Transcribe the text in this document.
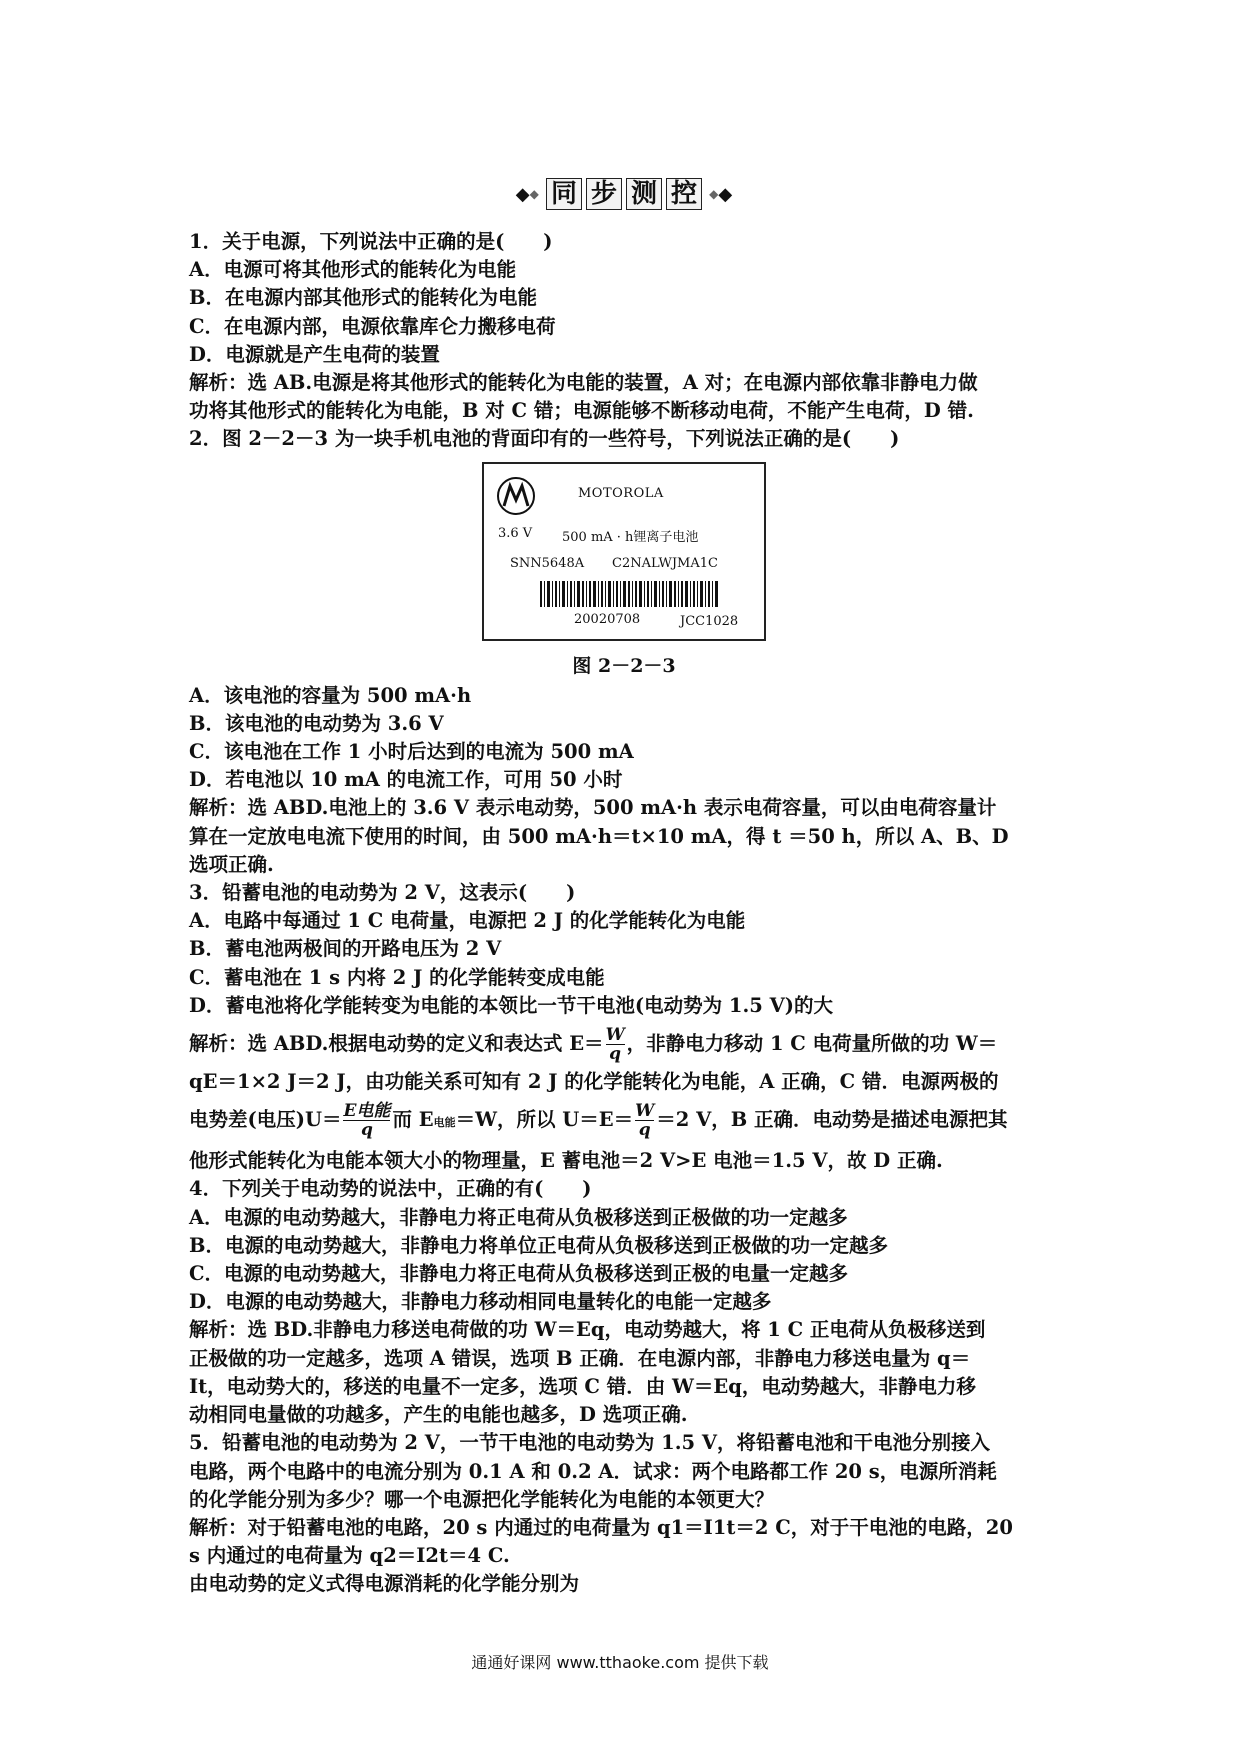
◆◆ 同 步 测 控 ◆◆
1．关于电源，下列说法中正确的是(　　)
A．电源可将其他形式的能转化为电能
B．在电源内部其他形式的能转化为电能
C．在电源内部，电源依靠库仑力搬移电荷
D．电源就是产生电荷的装置
解析：选 AB.电源是将其他形式的能转化为电能的装置，A 对；在电源内部依靠非静电力做
功将其他形式的能转化为电能，B 对 C 错；电源能够不断移动电荷，不能产生电荷，D 错.
2．图 2－2－3 为一块手机电池的背面印有的一些符号，下列说法正确的是(　　)
MOTOROLA
3.6 V 500 mA · h锂离子电池
SNN5648A C2NALWJMA1C
20020708	JCC1028
图 2－2－3
A．该电池的容量为 500 mA·h
B．该电池的电动势为 3.6 V
C．该电池在工作 1 小时后达到的电流为 500 mA
D．若电池以 10 mA 的电流工作，可用 50 小时
解析：选 ABD.电池上的 3.6 V 表示电动势，500 mA·h 表示电荷容量，可以由电荷容量计
算在一定放电电流下使用的时间，由 500 mA·h＝t×10 mA，得 t ＝50 h，所以 A、B、D
选项正确.
3．铅蓄电池的电动势为 2 V，这表示(　　)
A．电路中每通过 1 C 电荷量，电源把 2 J 的化学能转化为电能
B．蓄电池两极间的开路电压为 2 V
C．蓄电池在 1 s 内将 2 J 的化学能转变成电能
D．蓄电池将化学能转变为电能的本领比一节干电池(电动势为 1.5 V)的大
解析：选 ABD.根据电动势的定义和表达式 $E= \frac{W}{q}$ ，非静电力移动 1 C 电荷量所做的功 W＝
qE＝1×2 J＝2 J，由功能关系可知有 2 J 的化学能转化为电能，A 正确，C 错．电源两极的
电势差(电压)$U= \frac{\text{E电能}}{q}$ 而 E电能＝W，所以 $U=E= \frac{W}{q} =2$ V，B 正确．电动势是描述电源把其
他形式能转化为电能本领大小的物理量，E 蓄电池＝2 V>E 电池＝1.5 V，故 D 正确.
4．下列关于电动势的说法中，正确的有(　　)
A．电源的电动势越大，非静电力将正电荷从负极移送到正极做的功一定越多
B．电源的电动势越大，非静电力将单位正电荷从负极移送到正极做的功一定越多
C．电源的电动势越大，非静电力将正电荷从负极移送到正极的电量一定越多
D．电源的电动势越大，非静电力移动相同电量转化的电能一定越多
解析：选 BD.非静电力移送电荷做的功 W＝Eq，电动势越大，将 1 C 正电荷从负极移送到
正极做的功一定越多，选项 A 错误，选项 B 正确．在电源内部，非静电力移送电量为 q＝
It，电动势大的，移送的电量不一定多，选项 C 错．由 W＝Eq，电动势越大，非静电力移
动相同电量做的功越多，产生的电能也越多，D 选项正确.
5．铅蓄电池的电动势为 2 V，一节干电池的电动势为 1.5 V，将铅蓄电池和干电池分别接入
电路，两个电路中的电流分别为 0.1 A 和 0.2 A．试求：两个电路都工作 20 s，电源所消耗
的化学能分别为多少？哪一个电源把化学能转化为电能的本领更大？
解析：对于铅蓄电池的电路，20 s 内通过的电荷量为 q1＝I1t＝2 C，对于干电池的电路，20
s 内通过的电荷量为 q2＝I2t＝4 C.
由电动势的定义式得电源消耗的化学能分别为
通通好课网 www.tthaoke.com 提供下载
